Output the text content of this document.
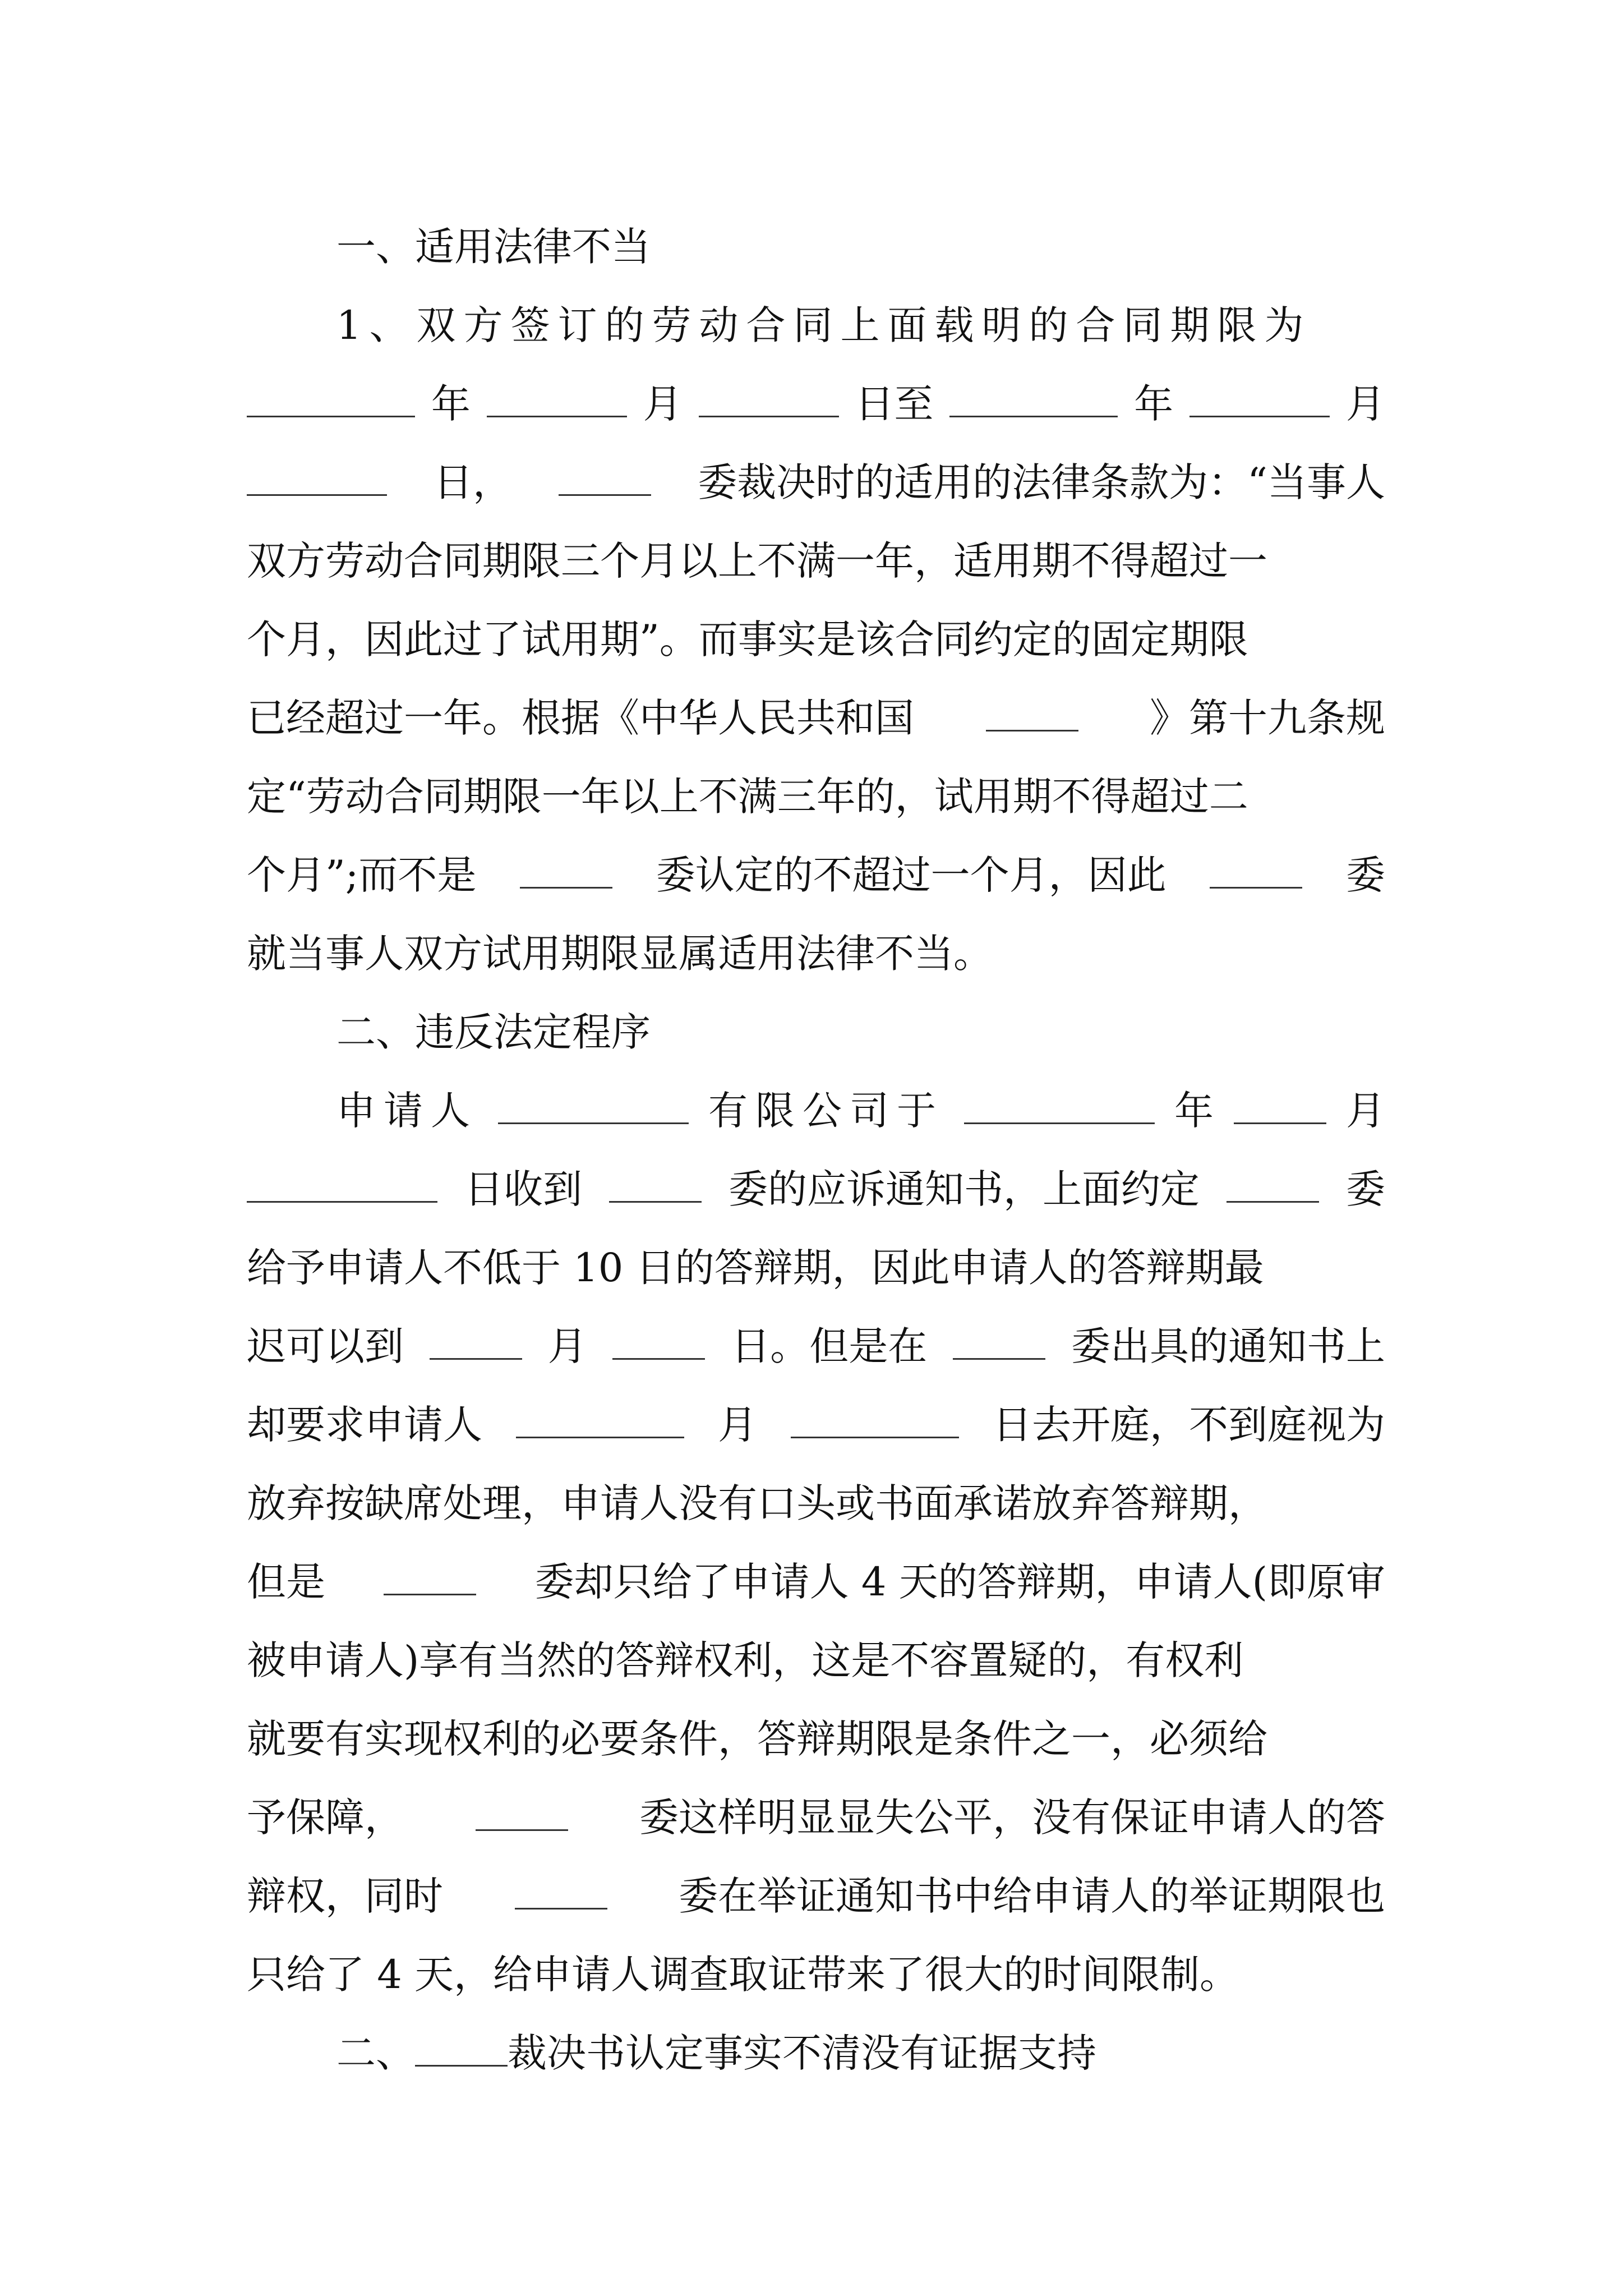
一、适用法律不当
1、双方签订的劳动合同上面载明的合同期限为
年	月	日至	年	月
日，	委裁决时的适用的法律条款为：“当事人
双方劳动合同期限三个月以上不满一年，适用期不得超过一
个月，因此过了试用期”。而事实是该合同约定的固定期限
已经超过一年。根据《中华人民共和国	》第十九条规
定“劳动合同期限一年以上不满三年的，试用期不得超过二
个月”;而不是	委认定的不超过一个月，因此	委
就当事人双方试用期限显属适用法律不当。
二、违反法定程序
申请人	有限公司于	年	月
日收到	委的应诉通知书，上面约定	委
给予申请人不低于 10 日的答辩期，因此申请人的答辩期最
迟可以到	月	日。但是在	委出具的通知书上
却要求申请人	月	日去开庭，不到庭视为
放弃按缺席处理，申请人没有口头或书面承诺放弃答辩期，
但是	委却只给了申请人 4 天的答辩期，申请人(即原审
被申请人)享有当然的答辩权利，这是不容置疑的，有权利
就要有实现权利的必要条件，答辩期限是条件之一，必须给
予保障，	委这样明显显失公平，没有保证申请人的答
辩权，同时	委在举证通知书中给申请人的举证期限也
只给了 4 天，给申请人调查取证带来了很大的时间限制。
二、 裁决书认定事实不清没有证据支持
